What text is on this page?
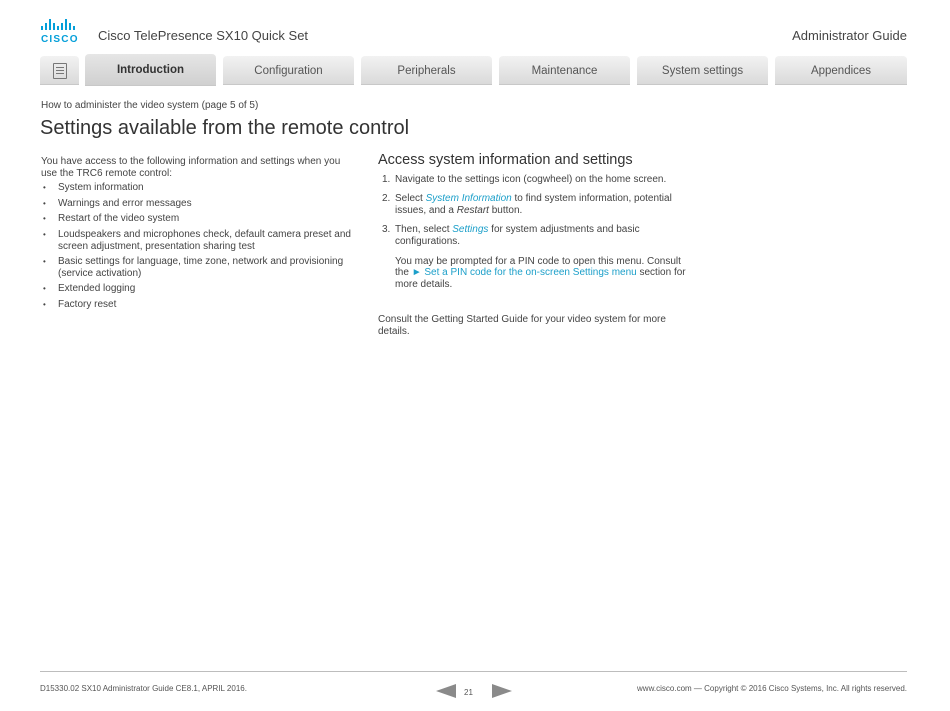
CISCO Cisco TelePresence SX10 Quick Set	Administrator Guide
Introduction	Configuration	Peripherals	Maintenance	System settings	Appendices
How to administer the video system (page 5 of 5)
Settings available from the remote control

You have access to the following information and settings when you use the TRC6 remote control:

• System information
• Warnings and error messages
• Restart of the video system
• Loudspeakers and microphones check, default camera preset and screen adjustment, presentation sharing test
• Basic settings for language, time zone, network and provisioning (service activation)
• Extended logging
• Factory reset
Access system information and settings
1. Navigate to the settings icon (cogwheel) on the home screen.
2. Select System Information to find system information, potential issues, and a Restart button.
3. Then, select Settings for system adjustments and basic configurations.

You may be prompted for a PIN code to open this menu. Consult the ► Set a PIN code for the on-screen Settings menu section for more details.

Consult the Getting Started Guide for your video system for more details.

D15330.02 SX10 Administrator Guide CE8.1, APRIL 2016.	21	www.cisco.com — Copyright © 2016 Cisco Systems, Inc. All rights reserved.
